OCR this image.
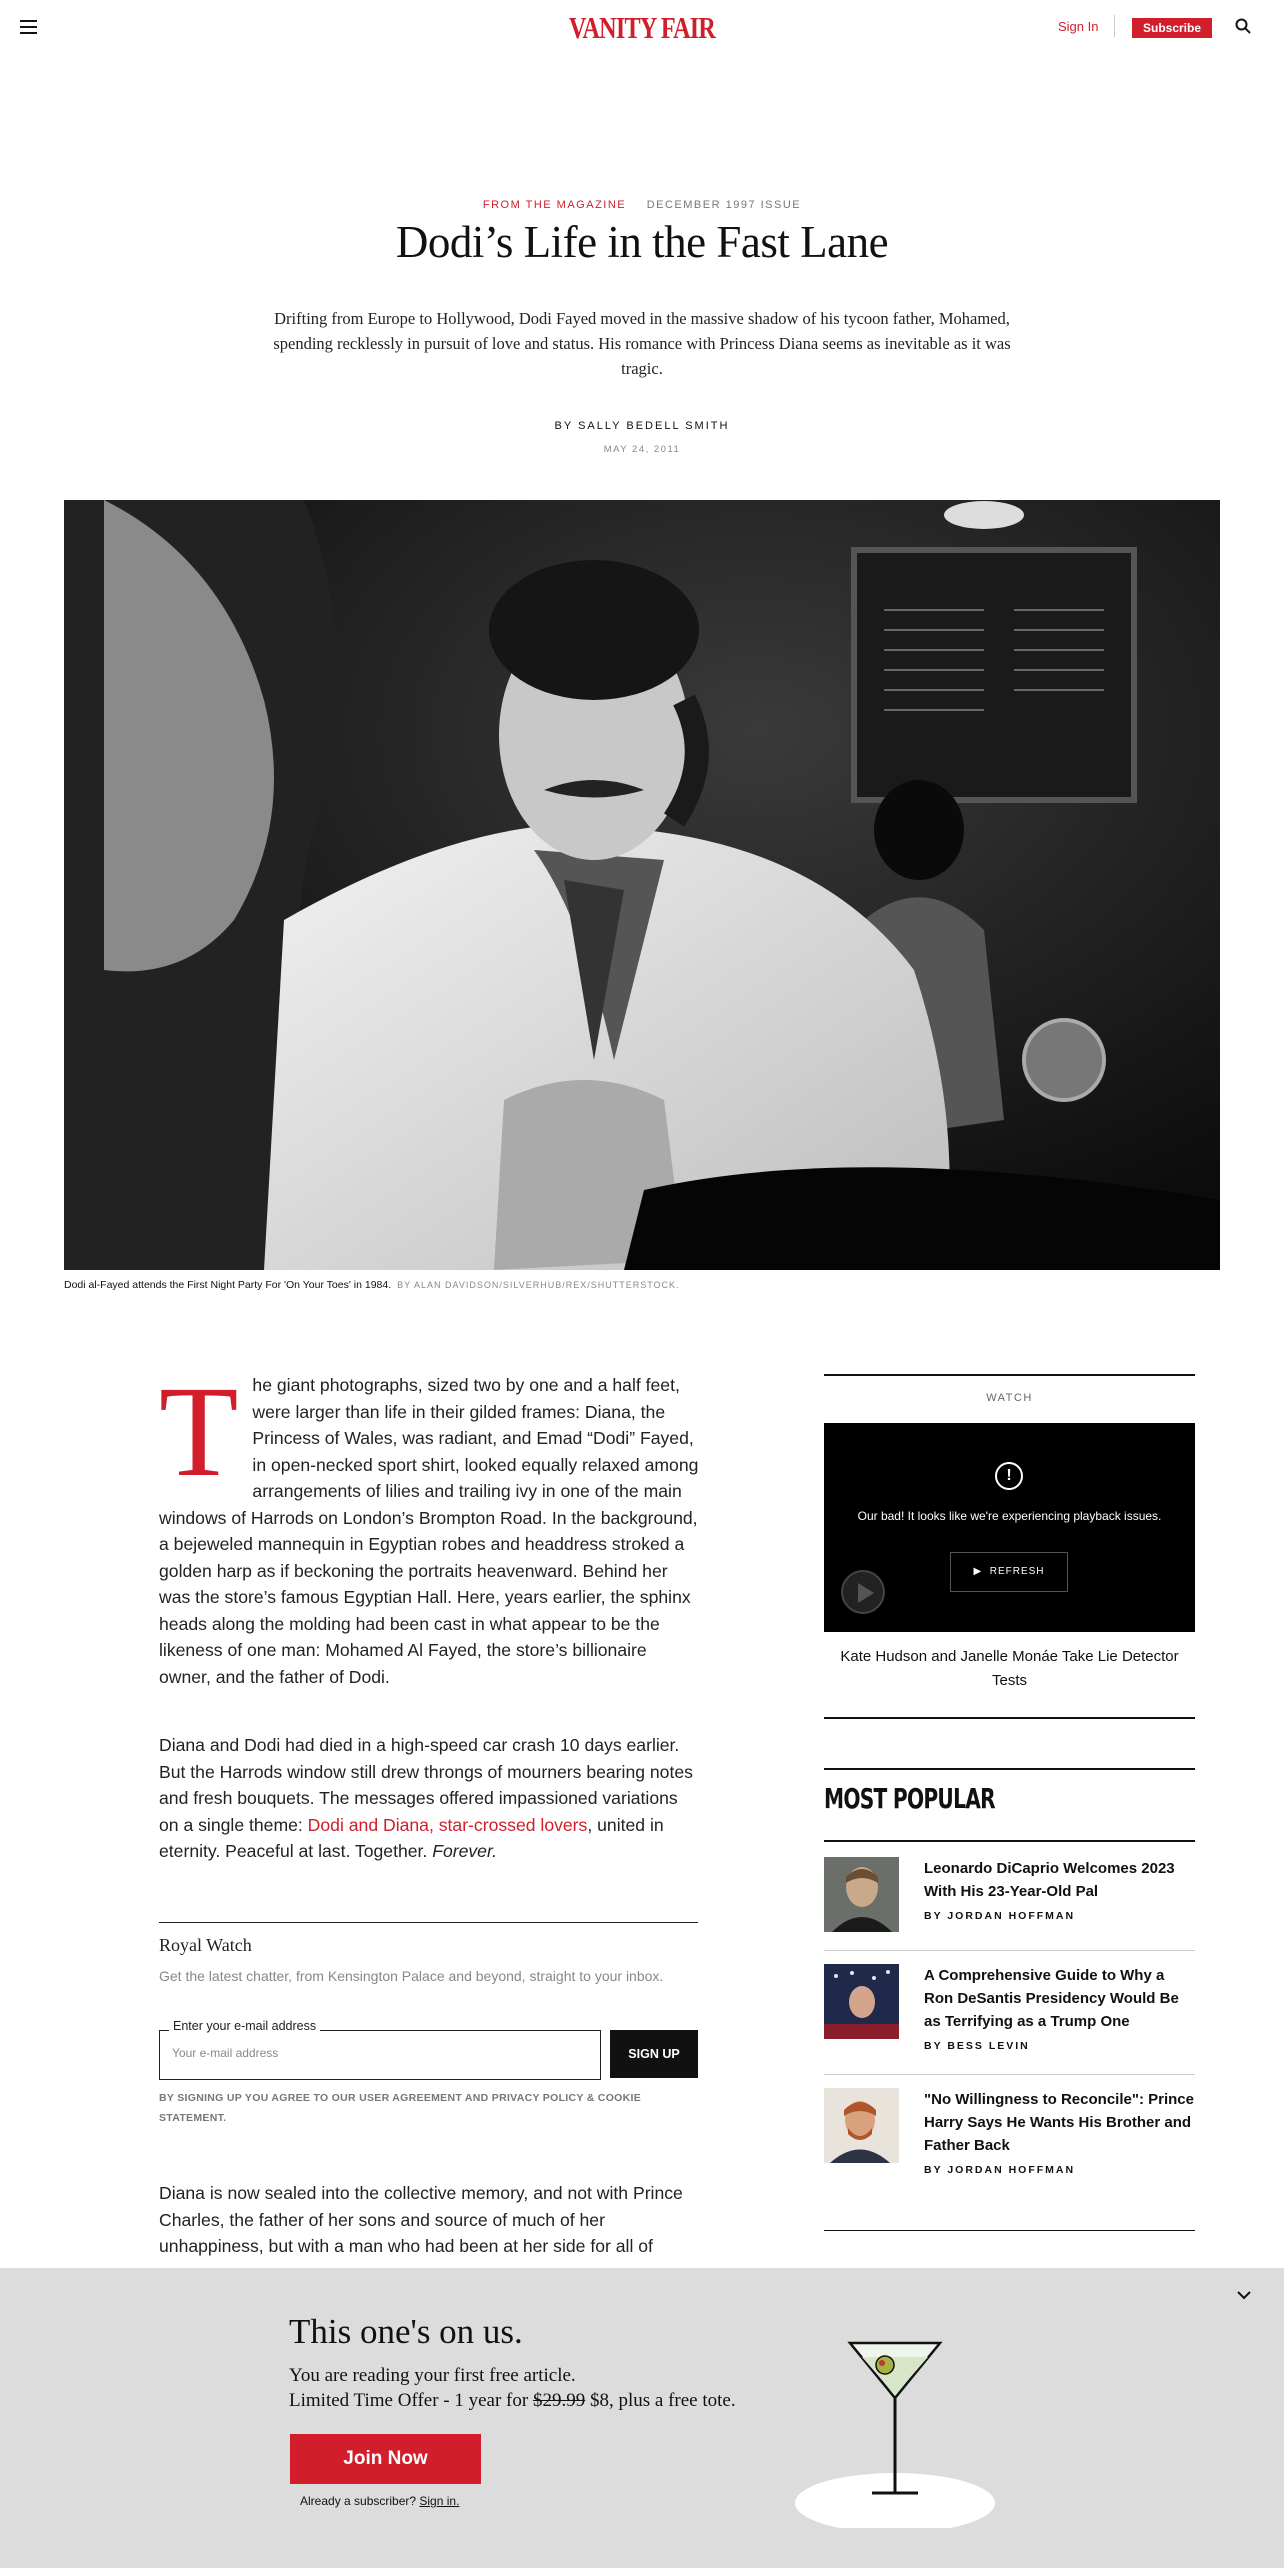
VANITY FAIR	Sign In	Subscribe
FROM THE MAGAZINE DECEMBER 1997 ISSUE
Dodi’s Life in the Fast Lane
Drifting from Europe to Hollywood, Dodi Fayed moved in the massive shadow of his tycoon father, Mohamed, spending recklessly in pursuit of love and status. His romance with Princess Diana seems as inevitable as it was tragic.
BY SALLY BEDELL SMITH
MAY 24, 2011
Dodi al-Fayed attends the First Night Party For 'On Your Toes' in 1984. BY ALAN DAVIDSON/SILVERHUB/REX/SHUTTERSTOCK.
The giant photographs, sized two by one and a half feet, were larger than life in their gilded frames: Diana, the Princess of Wales, was radiant, and Emad “Dodi” Fayed, in open-necked sport shirt, looked equally relaxed among arrangements of lilies and trailing ivy in one of the main windows of Harrods on London’s Brompton Road. In the background, a bejeweled mannequin in Egyptian robes and headdress stroked a golden harp as if beckoning the portraits heavenward. Behind her was the store’s famous Egyptian Hall. Here, years earlier, the sphinx heads along the molding had been cast in what appear to be the likeness of one man: Mohamed Al Fayed, the store’s billionaire owner, and the father of Dodi.
Diana and Dodi had died in a high-speed car crash 10 days earlier. But the Harrods window still drew throngs of mourners bearing notes and fresh bouquets. The messages offered impassioned variations on a single theme: Dodi and Diana, star-crossed lovers, united in eternity. Peaceful at last. Together. Forever.
Royal Watch
Get the latest chatter, from Kensington Palace and beyond, straight to your inbox.
Enter your e-mail address
Your e-mail address	SIGN UP
BY SIGNING UP YOU AGREE TO OUR USER AGREEMENT AND PRIVACY POLICY & COOKIE STATEMENT.
Diana is now sealed into the collective memory, and not with Prince Charles, the father of her sons and source of much of her unhappiness, but with a man who had been at her side for all of
WATCH
!
Our bad! It looks like we're experiencing playback issues.
▶  REFRESH
Kate Hudson and Janelle Monáe Take Lie Detector Tests
MOST POPULAR
Leonardo DiCaprio Welcomes 2023 With His 23-Year-Old Pal
BY JORDAN HOFFMAN
A Comprehensive Guide to Why a Ron DeSantis Presidency Would Be as Terrifying as a Trump One
BY BESS LEVIN
"No Willingness to Reconcile": Prince Harry Says He Wants His Brother and Father Back
BY JORDAN HOFFMAN
This one's on us.
You are reading your first free article.
Limited Time Offer - 1 year for $29.99 $8, plus a free tote.
Join Now
Already a subscriber? Sign in.
